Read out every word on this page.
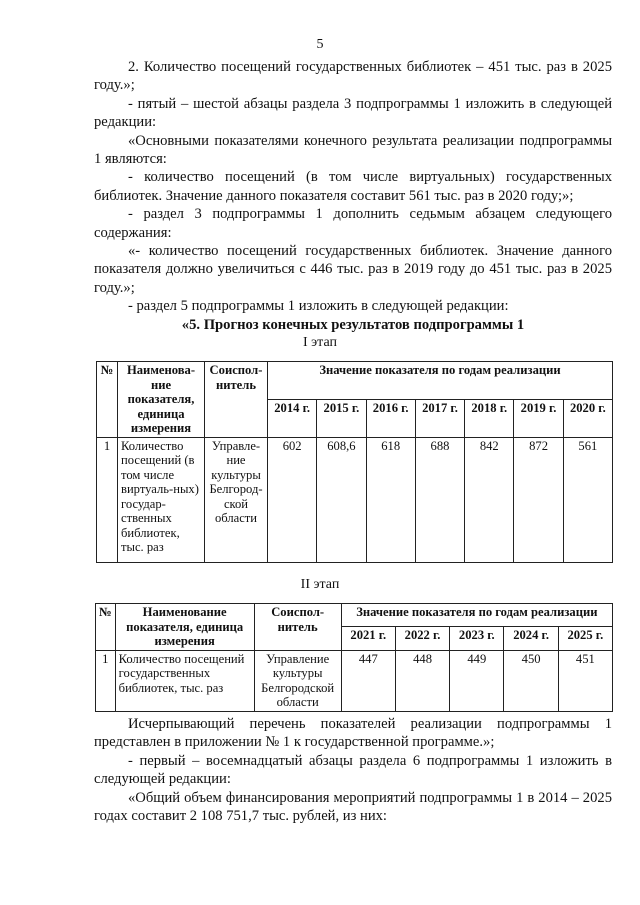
5

2. Количество посещений государственных библиотек – 451 тыс. раз в 2025 году.»;

- пятый – шестой абзацы раздела 3 подпрограммы 1 изложить в следующей редакции:

«Основными показателями конечного результата реализации подпрограммы 1 являются:

- количество посещений (в том числе виртуальных) государственных библиотек. Значение данного показателя составит 561 тыс. раз в 2020 году;»;

- раздел 3 подпрограммы 1 дополнить седьмым абзацем следующего содержания:

«- количество посещений государственных библиотек. Значение данного показателя должно увеличиться с 446 тыс. раз в 2019 году до 451 тыс. раз в 2025 году.»;

- раздел 5 подпрограммы 1 изложить в следующей редакции:

«5. Прогноз конечных результатов подпрограммы 1

I этап
№	Наименова-ние показателя, единица измерения	Соиспол-нитель	Значение показателя по годам реализации						
			2014 г.	2015 г.	2016 г.	2017 г.	2018 г.	2019 г.	2020 г.
1	Количество посещений (в том числе виртуаль-ных) государ-ственных библиотек, тыс. раз	Управле-ние культуры Белгород-ской области	602	608,6	618	688	842	872	561
II этап
№	Наименование показателя, единица измерения	Соиспол-нитель	Значение показателя по годам реализации				
			2021 г.	2022 г.	2023 г.	2024 г.	2025 г.
1	Количество посещений государственных библиотек, тыс. раз	Управление культуры Белгородской области	447	448	449	450	451

Исчерпывающий перечень показателей реализации подпрограммы 1 представлен в приложении № 1 к государственной программе.»;

- первый – восемнадцатый абзацы раздела 6 подпрограммы 1 изложить в следующей редакции:

«Общий объем финансирования мероприятий подпрограммы 1 в 2014 – 2025 годах составит 2 108 751,7 тыс. рублей, из них:
